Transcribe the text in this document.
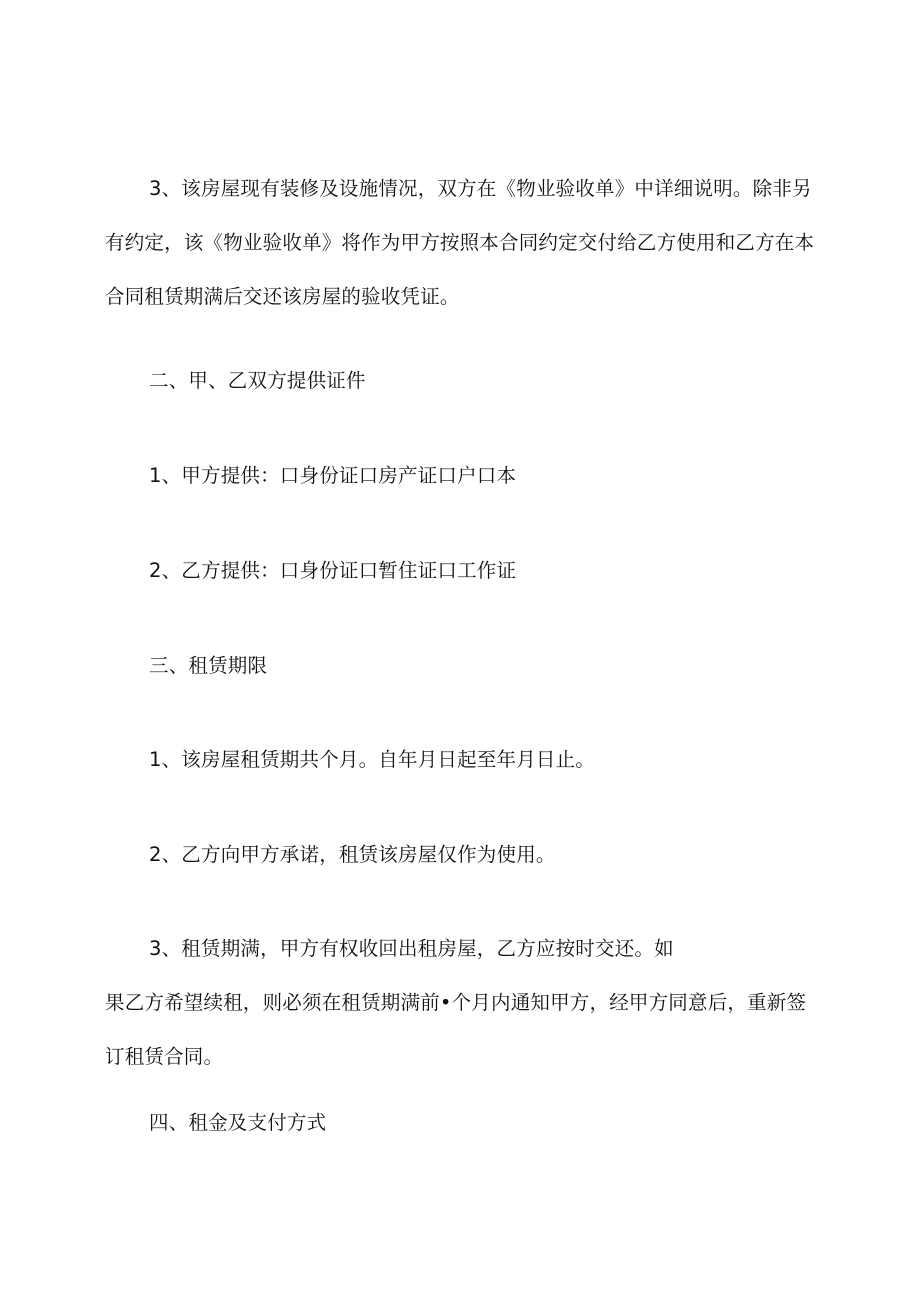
3、该房屋现有装修及设施情况，双方在《物业验收单》中详细说明。除非另
有约定，该《物业验收单》将作为甲方按照本合同约定交付给乙方使用和乙方在本
合同租赁期满后交还该房屋的验收凭证。
二、甲、乙双方提供证件
1、甲方提供：口身份证口房产证口户口本
2、乙方提供：口身份证口暂住证口工作证
三、租赁期限
1、该房屋租赁期共个月。自年月日起至年月日止。
2、乙方向甲方承诺，租赁该房屋仅作为使用。
3、租赁期满，甲方有权收回出租房屋，乙方应按时交还。如
果乙方希望续租，则必须在租赁期满前•个月内通知甲方，经甲方同意后，重新签
订租赁合同。
四、租金及支付方式
